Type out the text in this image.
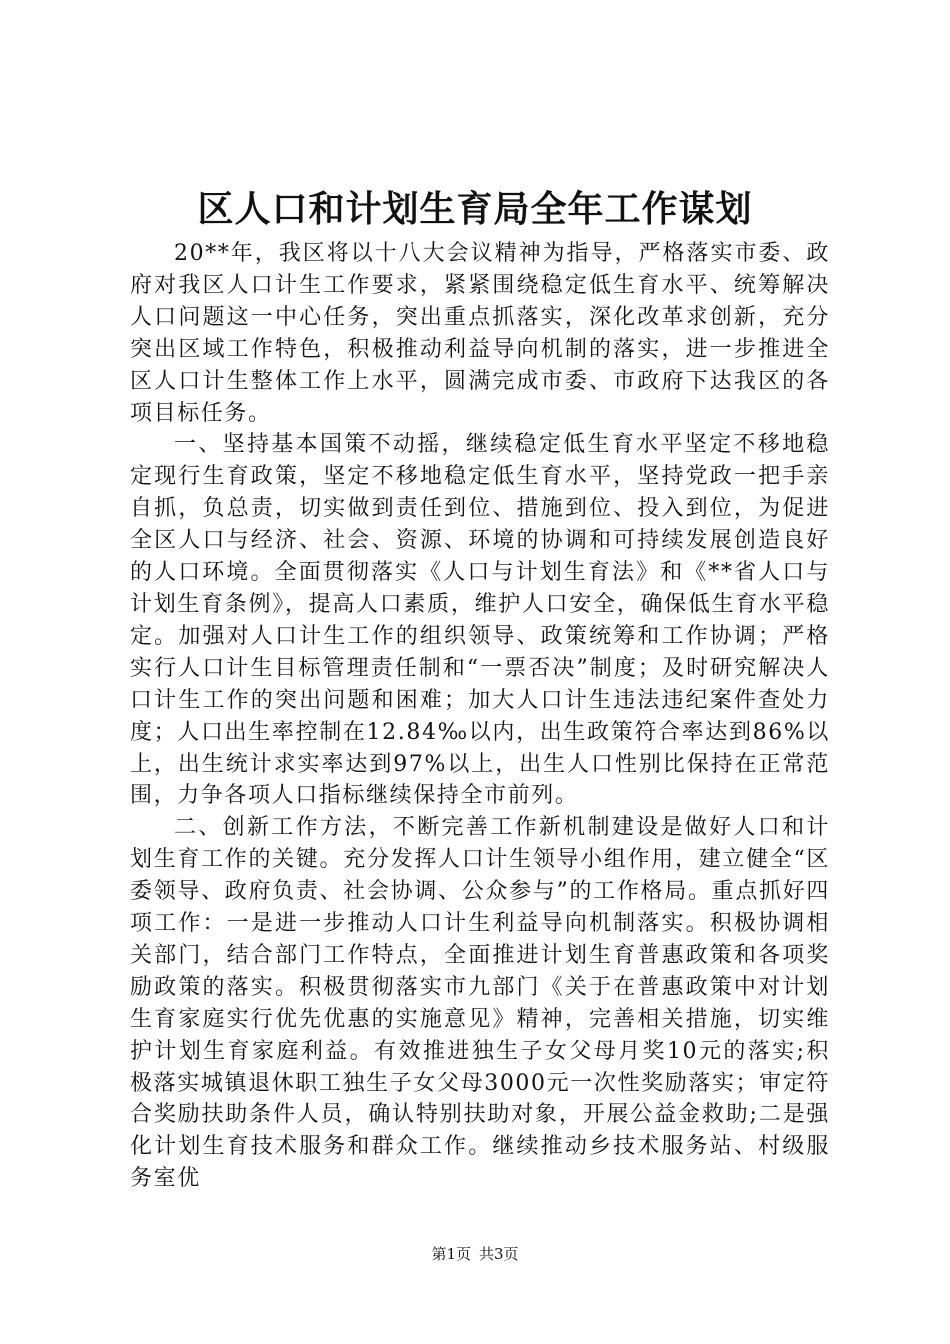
区人口和计划生育局全年工作谋划

20**年，我区将以十八大会议精神为指导，严格落实市委、政府对我区人口计生工作要求，紧紧围绕稳定低生育水平、统筹解决人口问题这一中心任务，突出重点抓落实，深化改革求创新，充分突出区域工作特色，积极推动利益导向机制的落实，进一步推进全区人口计生整体工作上水平，圆满完成市委、市政府下达我区的各项目标任务。

一、坚持基本国策不动摇，继续稳定低生育水平坚定不移地稳定现行生育政策，坚定不移地稳定低生育水平，坚持党政一把手亲自抓，负总责，切实做到责任到位、措施到位、投入到位，为促进全区人口与经济、社会、资源、环境的协调和可持续发展创造良好的人口环境。全面贯彻落实《人口与计划生育法》和《**省人口与计划生育条例》，提高人口素质，维护人口安全，确保低生育水平稳定。加强对人口计生工作的组织领导、政策统筹和工作协调；严格实行人口计生目标管理责任制和“一票否决”制度；及时研究解决人口计生工作的突出问题和困难；加大人口计生违法违纪案件查处力度；人口出生率控制在12.84‰以内，出生政策符合率达到86%以上，出生统计求实率达到97%以上，出生人口性别比保持在正常范围，力争各项人口指标继续保持全市前列。

二、创新工作方法，不断完善工作新机制建设是做好人口和计划生育工作的关键。充分发挥人口计生领导小组作用，建立健全“区委领导、政府负责、社会协调、公众参与”的工作格局。重点抓好四项工作：一是进一步推动人口计生利益导向机制落实。积极协调相关部门，结合部门工作特点，全面推进计划生育普惠政策和各项奖励政策的落实。积极贯彻落实市九部门《关于在普惠政策中对计划生育家庭实行优先优惠的实施意见》精神，完善相关措施，切实维护计划生育家庭利益。有效推进独生子女父母月奖10元的落实;积极落实城镇退休职工独生子女父母3000元一次性奖励落实；审定符合奖励扶助条件人员，确认特别扶助对象，开展公益金救助;二是强化计划生育技术服务和群众工作。继续推动乡技术服务站、村级服务室优

第1页 共3页
